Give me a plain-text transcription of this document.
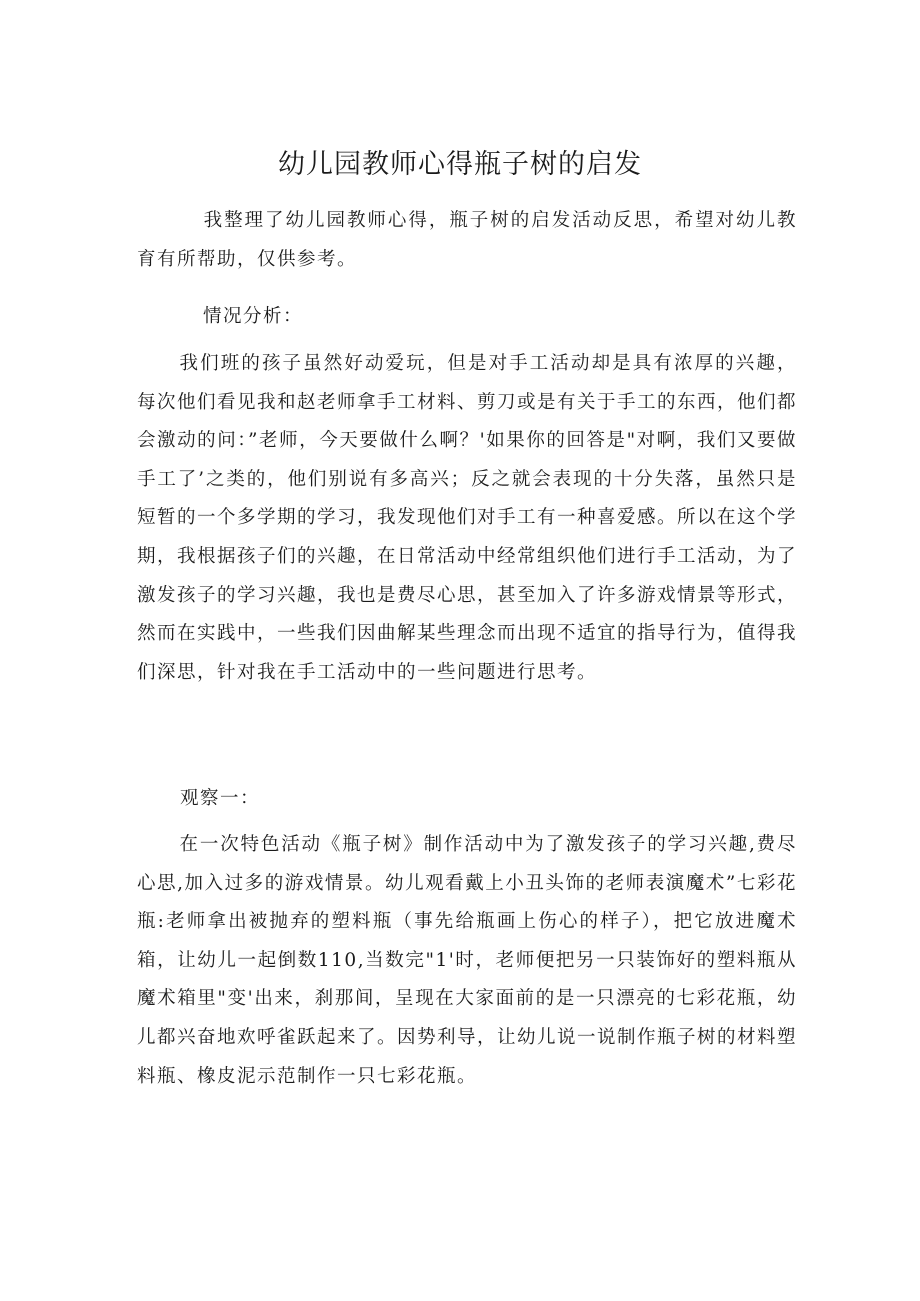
幼儿园教师心得瓶子树的启发

我整理了幼儿园教师心得，瓶子树的启发活动反思，希望对幼儿教育有所帮助，仅供参考。

情况分析：

我们班的孩子虽然好动爱玩，但是对手工活动却是具有浓厚的兴趣，每次他们看见我和赵老师拿手工材料、剪刀或是有关于手工的东西，他们都会激动的问：”老师，今天要做什么啊？'如果你的回答是"对啊，我们又要做手工了’之类的，他们别说有多高兴；反之就会表现的十分失落，虽然只是短暂的一个多学期的学习，我发现他们对手工有一种喜爱感。所以在这个学期，我根据孩子们的兴趣，在日常活动中经常组织他们进行手工活动，为了激发孩子的学习兴趣，我也是费尽心思，甚至加入了许多游戏情景等形式，然而在实践中，一些我们因曲解某些理念而出现不适宜的指导行为，值得我们深思，针对我在手工活动中的一些问题进行思考。

观察一：

在一次特色活动《瓶子树》制作活动中为了激发孩子的学习兴趣,费尽心思,加入过多的游戏情景。幼儿观看戴上小丑头饰的老师表演魔术”七彩花瓶:老师拿出被抛弃的塑料瓶（事先给瓶画上伤心的样子），把它放进魔术箱，让幼儿一起倒数110,当数完"1'时，老师便把另一只装饰好的塑料瓶从魔术箱里"变'出来，刹那间，呈现在大家面前的是一只漂亮的七彩花瓶，幼儿都兴奋地欢呼雀跃起来了。因势利导，让幼儿说一说制作瓶子树的材料塑料瓶、橡皮泥示范制作一只七彩花瓶。
